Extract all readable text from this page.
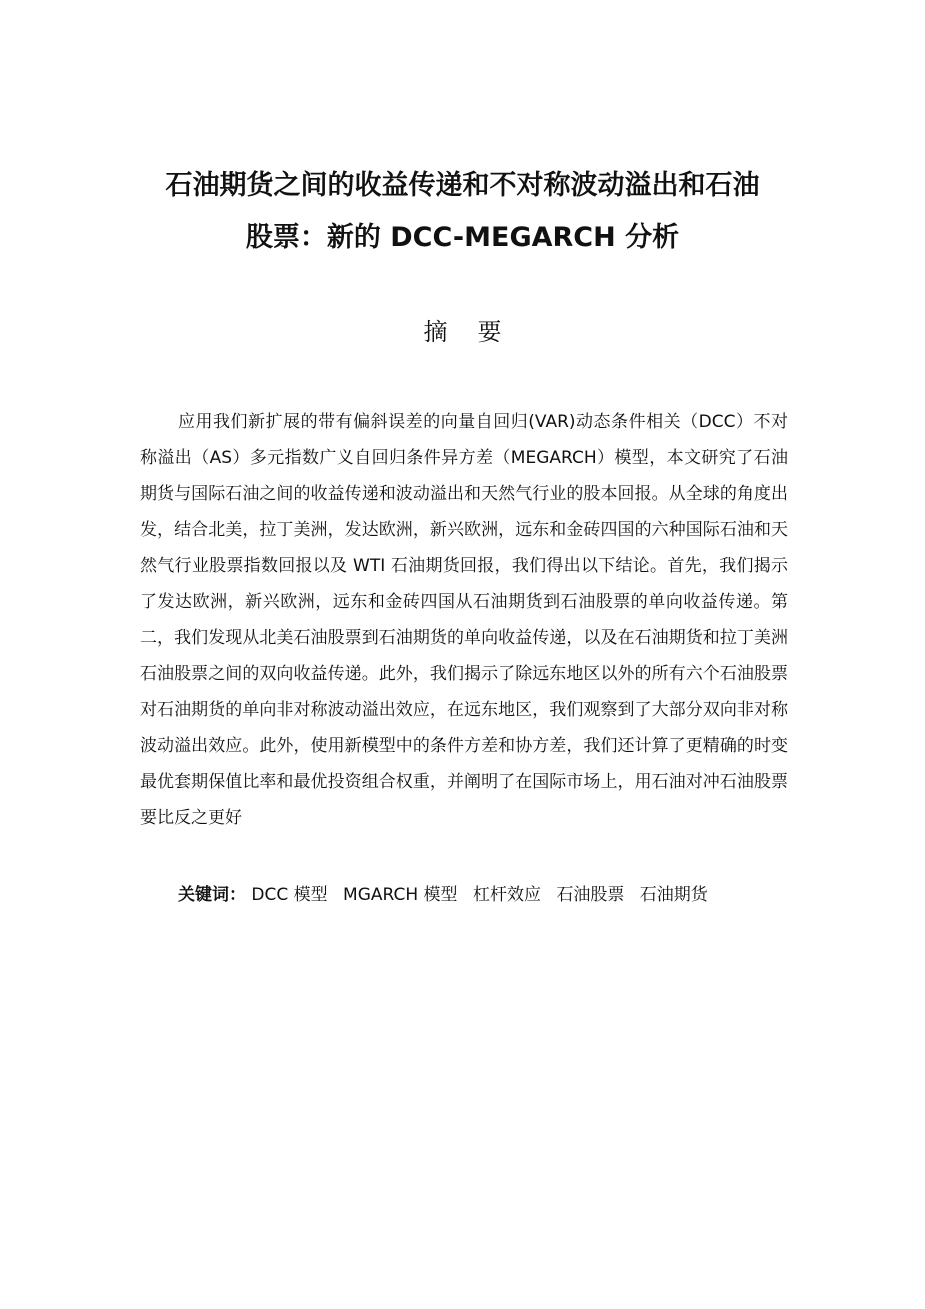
石油期货之间的收益传递和不对称波动溢出和石油
股票：新的 DCC-MEGARCH 分析
摘要

应用我们新扩展的带有偏斜误差的向量自回归(VAR)动态条件相关（DCC）不对称溢出（AS）多元指数广义自回归条件异方差（MEGARCH）模型，本文研究了石油期货与国际石油之间的收益传递和波动溢出和天然气行业的股本回报。从全球的角度出发，结合北美，拉丁美洲，发达欧洲，新兴欧洲，远东和金砖四国的六种国际石油和天然气行业股票指数回报以及 WTI 石油期货回报，我们得出以下结论。首先，我们揭示了发达欧洲，新兴欧洲，远东和金砖四国从石油期货到石油股票的单向收益传递。第二，我们发现从北美石油股票到石油期货的单向收益传递，以及在石油期货和拉丁美洲石油股票之间的双向收益传递。此外，我们揭示了除远东地区以外的所有六个石油股票对石油期货的单向非对称波动溢出效应，在远东地区，我们观察到了大部分双向非对称波动溢出效应。此外，使用新模型中的条件方差和协方差，我们还计算了更精确的时变最优套期保值比率和最优投资组合权重，并阐明了在国际市场上，用石油对冲石油股票要比反之更好

关键词： DCC 模型 MGARCH 模型 杠杆效应 石油股票 石油期货
